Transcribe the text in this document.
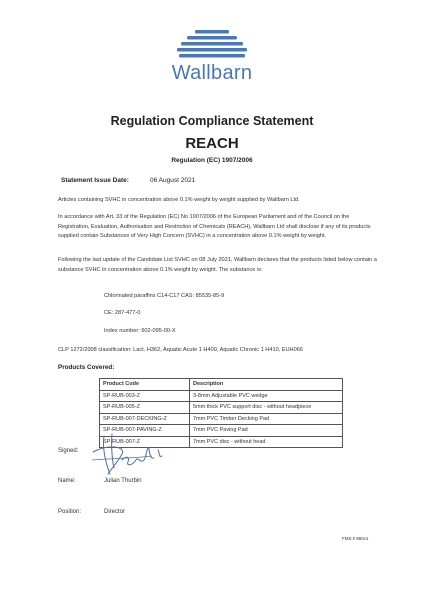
Wallbarn
Regulation Compliance Statement
REACH
Regulation (EC) 1907/2006
Statement Issue Date:	06 August 2021
Articles containing SVHC in concentration above 0.1% weight by weight supplied by Wallbarn Ltd.
In accordance with Art. 33 of the Regulation (EC) No 1907/2006 of the European Parliament and of the Council on the Registration, Evaluation, Authorisation and Restriction of Chemicals (REACH), Wallbarn Ltd shall disclose if any of its products supplied contain Substances of Very High Concern (SVHC) in a concentration above 0.1% weight by weight.
Following the last update of the Candidate List SVHC on 08 July 2021, Wallbarn declares that the products listed below contain a substance SVHC in concentration above 0.1% weight by weight. The substance is:
Chlorinated paraffins C14-C17 CAS: 85535-85-9
CE: 287-477-0
Index number: 602-095-00-X
CLP 1272/2008 classification: Lact. H362, Aquatic Acute 1 H400, Aquatic Chronic 1 H410, EUH066
Products Covered:
Product Code	Description
SP-RUB-003-Z	3-8mm Adjustable PVC wedge
SP-RUB-005-Z	5mm thick PVC support disc - without headpiece
SP-RUB-007-DECKING-Z	7mm PVC Timber Decking Pad
SP-RUB-007-PAVING-Z	7mm PVC Paving Pad
SP-RUB-007-Z	7mm PVC disc - without head
Signed:
Name:	Julian Thurbin
Position:	Director
FMS.F.960v1
